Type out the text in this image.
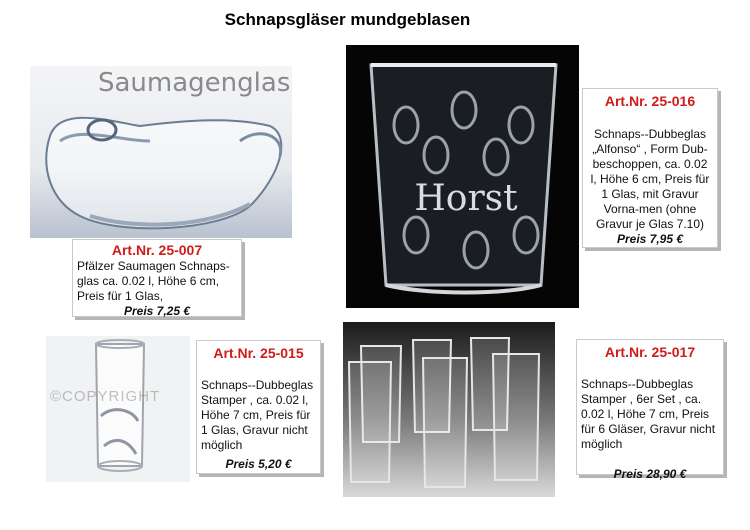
Schnapsgläser mundgeblasen
Saumagenglas
Horst
©COPYRIGHT
Art.Nr. 25-007
Pfälzer Saumagen Schnaps-glas ca. 0.02 l, Höhe 6 cm, Preis für 1 Glas,
Preis 7,25 €
Art.Nr. 25-016
Schnaps--Dubbeglas „Alfonso“ , Form Dub-beschoppen, ca. 0.02 l, Höhe 6 cm, Preis für 1 Glas, mit Gravur Vorna-men (ohne Gravur je Glas 7.10)
Preis 7,95 €
Art.Nr. 25-015
Schnaps--Dubbeglas Stamper , ca. 0.02 l, Höhe 7 cm, Preis für 1 Glas, Gravur nicht möglich
Preis 5,20 €
Art.Nr. 25-017
Schnaps--Dubbeglas Stamper , 6er Set , ca. 0.02 l, Höhe 7 cm, Preis für 6 Gläser, Gravur nicht möglich
Preis 28,90 €
